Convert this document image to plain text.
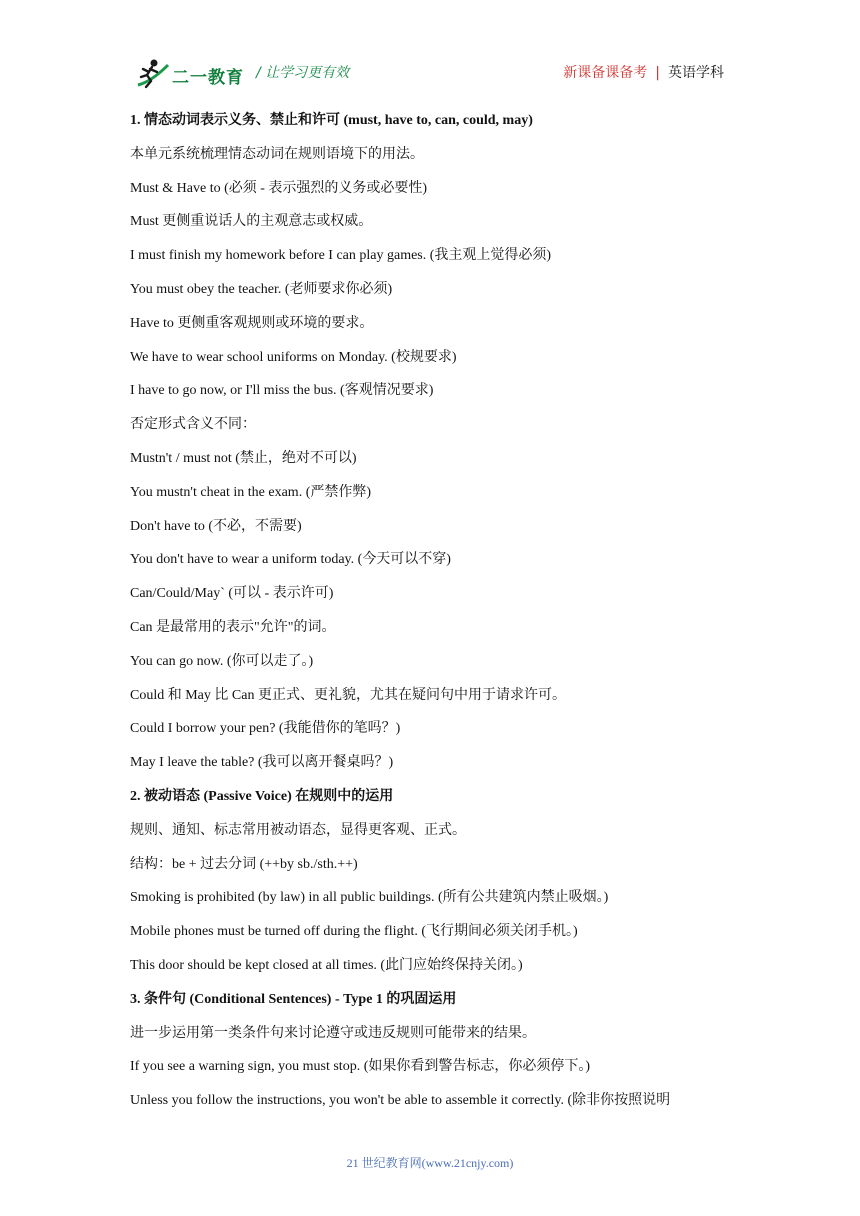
二一教育 / 让学习更有效	新课备课备考 | 英语学科
1. 情态动词表示义务、禁止和许可 (must, have to, can, could, may)
本单元系统梳理情态动词在规则语境下的用法。
Must & Have to (必须 - 表示强烈的义务或必要性)
Must 更侧重说话人的主观意志或权威。
I must finish my homework before I can play games. (我主观上觉得必须)
You must obey the teacher. (老师要求你必须)
Have to 更侧重客观规则或环境的要求。
We have to wear school uniforms on Monday. (校规要求)
I have to go now, or I'll miss the bus. (客观情况要求)
否定形式含义不同：
Mustn't / must not (禁止，绝对不可以)
You mustn't cheat in the exam. (严禁作弊)
Don't have to (不必，不需要)
You don't have to wear a uniform today. (今天可以不穿)
Can/Could/May` (可以 - 表示许可)
Can 是最常用的表示"允许"的词。
You can go now. (你可以走了。)
Could 和 May 比 Can 更正式、更礼貌，尤其在疑问句中用于请求许可。
Could I borrow your pen? (我能借你的笔吗？)
May I leave the table? (我可以离开餐桌吗？)
2. 被动语态 (Passive Voice) 在规则中的运用
规则、通知、标志常用被动语态，显得更客观、正式。
结构：be + 过去分词 (++by sb./sth.++)
Smoking is prohibited (by law) in all public buildings. (所有公共建筑内禁止吸烟。)
Mobile phones must be turned off during the flight. (飞行期间必须关闭手机。)
This door should be kept closed at all times. (此门应始终保持关闭。)
3. 条件句 (Conditional Sentences) - Type 1 的巩固运用
进一步运用第一类条件句来讨论遵守或违反规则可能带来的结果。
If you see a warning sign, you must stop. (如果你看到警告标志，你必须停下。)
Unless you follow the instructions, you won't be able to assemble it correctly. (除非你按照说明
21 世纪教育网(www.21cnjy.com)
